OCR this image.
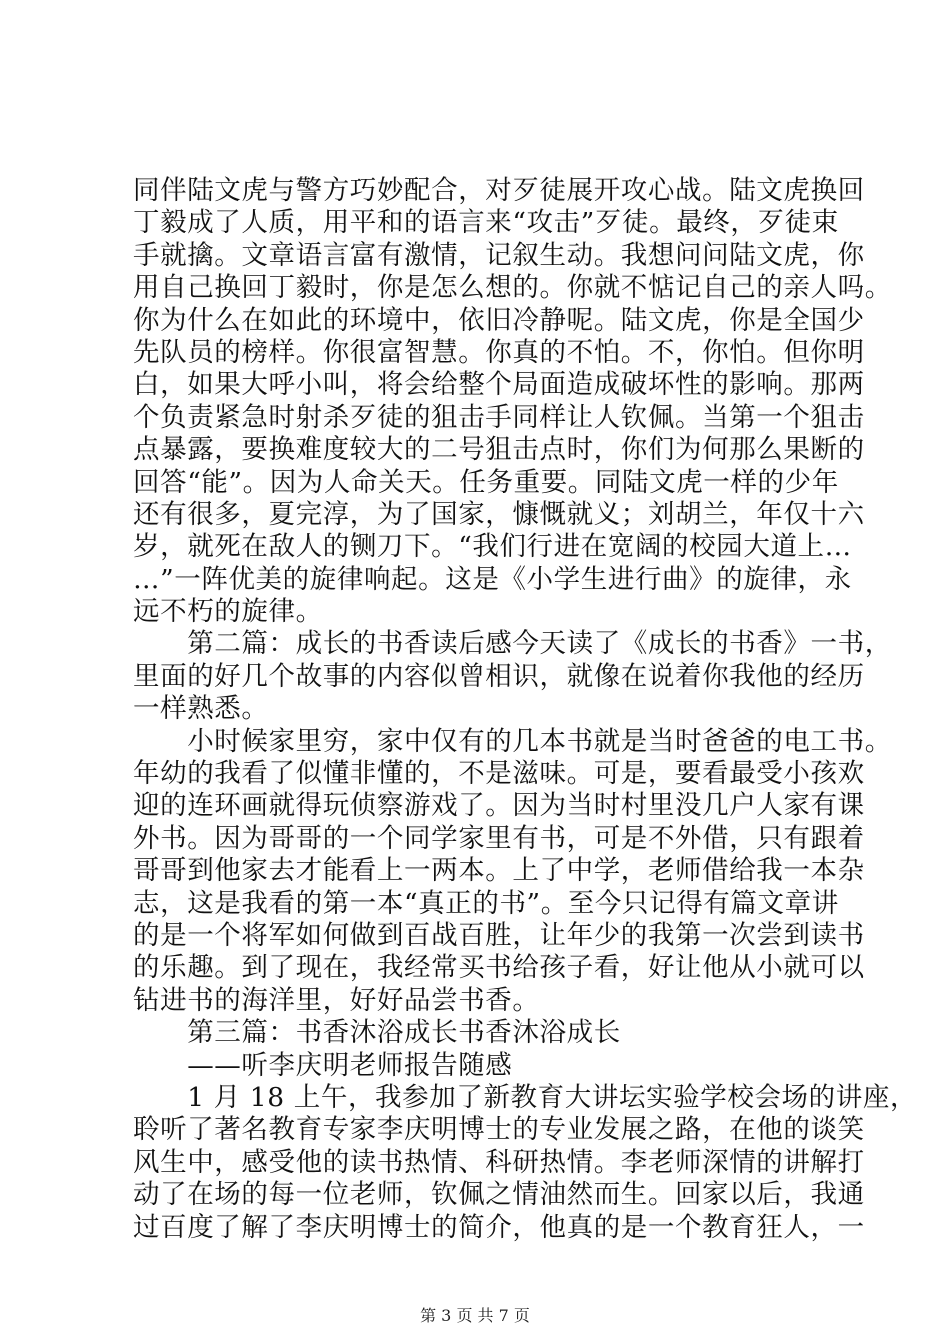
同伴陆文虎与警方巧妙配合，对歹徒展开攻心战。陆文虎换回
丁毅成了人质，用平和的语言来“攻击”歹徒。最终，歹徒束
手就擒。文章语言富有激情，记叙生动。我想问问陆文虎，你
用自己换回丁毅时，你是怎么想的。你就不惦记自己的亲人吗。
你为什么在如此的环境中，依旧冷静呢。陆文虎，你是全国少
先队员的榜样。你很富智慧。你真的不怕。不，你怕。但你明
白，如果大呼小叫，将会给整个局面造成破坏性的影响。那两
个负责紧急时射杀歹徒的狙击手同样让人钦佩。当第一个狙击
点暴露，要换难度较大的二号狙击点时，你们为何那么果断的
回答“能”。因为人命关天。任务重要。同陆文虎一样的少年
还有很多，夏完淳，为了国家，慷慨就义；刘胡兰，年仅十六
岁，就死在敌人的铡刀下。“我们行进在宽阔的校园大道上…
…”一阵优美的旋律响起。这是《小学生进行曲》的旋律，永
远不朽的旋律。
　　第二篇：成长的书香读后感今天读了《成长的书香》一书，
里面的好几个故事的内容似曾相识，就像在说着你我他的经历
一样熟悉。
　　小时候家里穷，家中仅有的几本书就是当时爸爸的电工书。
年幼的我看了似懂非懂的，不是滋味。可是，要看最受小孩欢
迎的连环画就得玩侦察游戏了。因为当时村里没几户人家有课
外书。因为哥哥的一个同学家里有书，可是不外借，只有跟着
哥哥到他家去才能看上一两本。上了中学，老师借给我一本杂
志，这是我看的第一本“真正的书”。至今只记得有篇文章讲
的是一个将军如何做到百战百胜，让年少的我第一次尝到读书
的乐趣。到了现在，我经常买书给孩子看，好让他从小就可以
钻进书的海洋里，好好品尝书香。
　　第三篇：书香沐浴成长书香沐浴成长
　　——听李庆明老师报告随感
　　1 月 18 上午，我参加了新教育大讲坛实验学校会场的讲座，
聆听了著名教育专家李庆明博士的专业发展之路，在他的谈笑
风生中，感受他的读书热情、科研热情。李老师深情的讲解打
动了在场的每一位老师，钦佩之情油然而生。回家以后，我通
过百度了解了李庆明博士的简介，他真的是一个教育狂人，一
第 3 页 共 7 页
